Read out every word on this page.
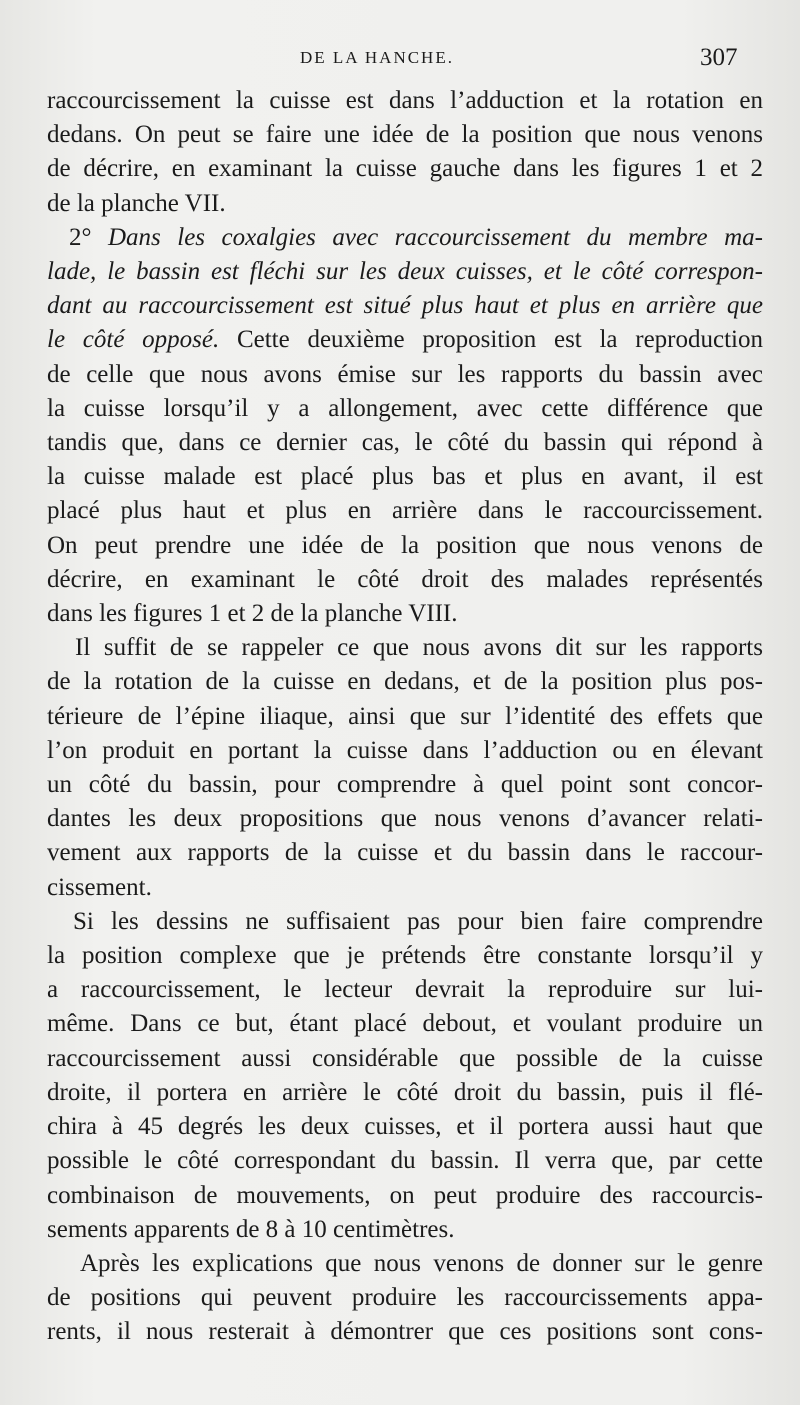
DE LA HANCHE.	307

raccourcissement la cuisse est dans l’adduction et la rotation en
dedans. On peut se faire une idée de la position que nous venons
de décrire, en examinant la cuisse gauche dans les figures 1 et 2
de la planche VII.

2° Dans les coxalgies avec raccourcissement du membre ma-
lade, le bassin est fléchi sur les deux cuisses, et le côté correspon-
dant au raccourcissement est situé plus haut et plus en arrière que
le côté opposé. Cette deuxième proposition est la reproduction
de celle que nous avons émise sur les rapports du bassin avec
la cuisse lorsqu’il y a allongement, avec cette différence que
tandis que, dans ce dernier cas, le côté du bassin qui répond à
la cuisse malade est placé plus bas et plus en avant, il est
placé plus haut et plus en arrière dans le raccourcissement.
On peut prendre une idée de la position que nous venons de
décrire, en examinant le côté droit des malades représentés
dans les figures 1 et 2 de la planche VIII.

Il suffit de se rappeler ce que nous avons dit sur les rapports
de la rotation de la cuisse en dedans, et de la position plus pos-
térieure de l’épine iliaque, ainsi que sur l’identité des effets que
l’on produit en portant la cuisse dans l’adduction ou en élevant
un côté du bassin, pour comprendre à quel point sont concor-
dantes les deux propositions que nous venons d’avancer relati-
vement aux rapports de la cuisse et du bassin dans le raccour-
cissement.

Si les dessins ne suffisaient pas pour bien faire comprendre
la position complexe que je prétends être constante lorsqu’il y
a raccourcissement, le lecteur devrait la reproduire sur lui-
même. Dans ce but, étant placé debout, et voulant produire un
raccourcissement aussi considérable que possible de la cuisse
droite, il portera en arrière le côté droit du bassin, puis il flé-
chira à 45 degrés les deux cuisses, et il portera aussi haut que
possible le côté correspondant du bassin. Il verra que, par cette
combinaison de mouvements, on peut produire des raccourcis-
sements apparents de 8 à 10 centimètres.

Après les explications que nous venons de donner sur le genre
de positions qui peuvent produire les raccourcissements appa-
rents, il nous resterait à démontrer que ces positions sont cons-
